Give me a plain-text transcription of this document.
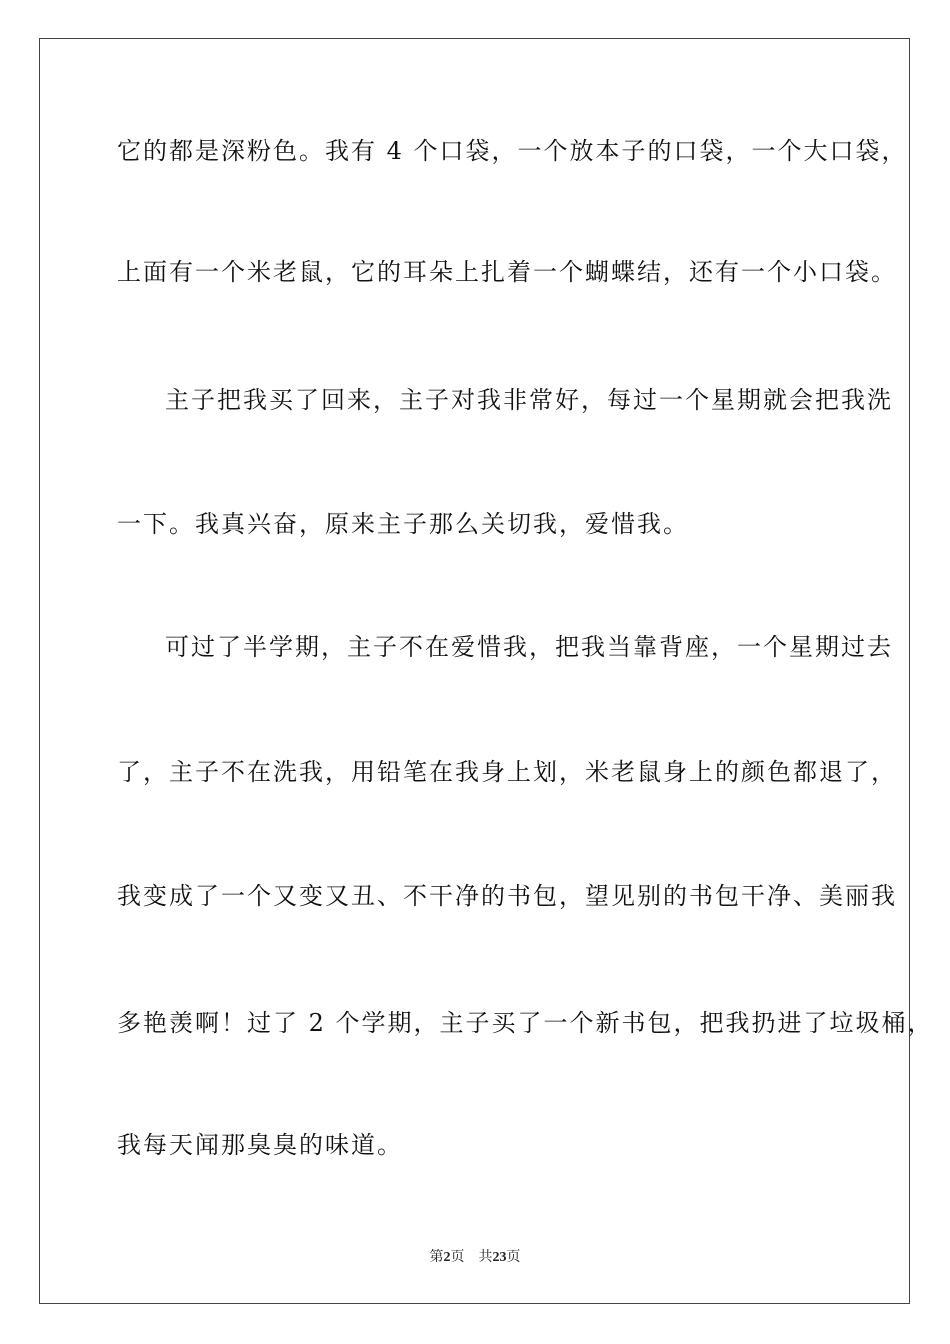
它的都是深粉色。我有 4 个口袋，一个放本子的口袋，一个大口袋，
上面有一个米老鼠，它的耳朵上扎着一个蝴蝶结，还有一个小口袋。
主子把我买了回来，主子对我非常好，每过一个星期就会把我洗
一下。我真兴奋，原来主子那么关切我，爱惜我。
可过了半学期，主子不在爱惜我，把我当靠背座，一个星期过去
了，主子不在洗我，用铅笔在我身上划，米老鼠身上的颜色都退了，
我变成了一个又变又丑、不干净的书包，望见别的书包干净、美丽我
多艳羡啊！过了 2 个学期，主子买了一个新书包，把我扔进了垃圾桶，
我每天闻那臭臭的味道。
第2页 共23页
